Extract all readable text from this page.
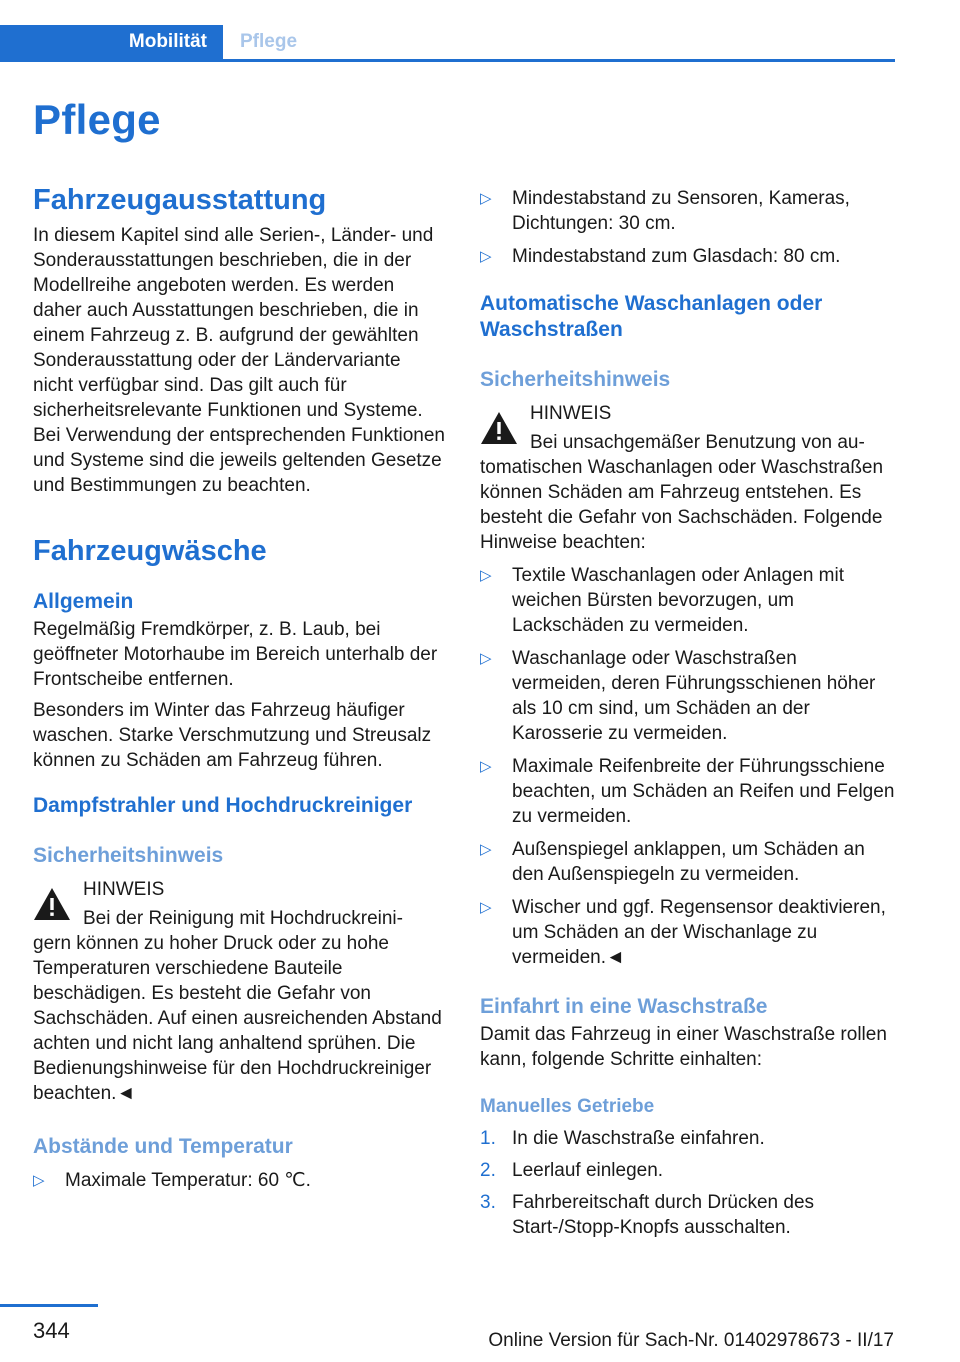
Mobilität	Pflege
Pflege
Fahrzeugausstattung

In diesem Kapitel sind alle Serien-, Länder- und Sonderausstattungen beschrieben, die in der Modellreihe angeboten werden. Es werden daher auch Ausstattungen beschrieben, die in einem Fahrzeug z. B. aufgrund der gewählten Sonderausstattung oder der Ländervariante nicht verfügbar sind. Das gilt auch für sicherheitsrelevante Funktionen und Systeme. Bei Verwendung der entsprechenden Funktionen und Systeme sind die jeweils geltenden Gesetze und Bestimmungen zu beachten.

Fahrzeugwäsche
Allgemein

Regelmäßig Fremdkörper, z. B. Laub, bei geöffneter Motorhaube im Bereich unterhalb der Frontscheibe entfernen.

Besonders im Winter das Fahrzeug häufiger waschen. Starke Verschmutzung und Streusalz können zu Schäden am Fahrzeug führen.

Dampfstrahler und Hochdruckreiniger
Sicherheitshinweis
HINWEIS
Bei der Reinigung mit Hochdruckreini-
gern können zu hoher Druck oder zu hohe Temperaturen verschiedene Bauteile beschädigen. Es besteht die Gefahr von Sachschäden. Auf einen ausreichenden Abstand achten und nicht lang anhaltend sprühen. Die Bedienungshinweise für den Hochdruckreiniger beachten.◄
Abstände und Temperatur
▷ Maximale Temperatur: 60 ℃.
▷ Mindestabstand zu Sensoren, Kameras, Dichtungen: 30 cm.
▷ Mindestabstand zum Glasdach: 80 cm.
Automatische Waschanlagen oder Waschstraßen
Sicherheitshinweis
HINWEIS
Bei unsachgemäßer Benutzung von au-
tomatischen Waschanlagen oder Waschstraßen können Schäden am Fahrzeug entstehen. Es besteht die Gefahr von Sachschäden. Folgende Hinweise beachten:
▷ Textile Waschanlagen oder Anlagen mit weichen Bürsten bevorzugen, um Lackschäden zu vermeiden.
▷ Waschanlage oder Waschstraßen vermeiden, deren Führungsschienen höher als 10 cm sind, um Schäden an der Karosserie zu vermeiden.
▷ Maximale Reifenbreite der Führungsschiene beachten, um Schäden an Reifen und Felgen zu vermeiden.
▷ Außenspiegel anklappen, um Schäden an den Außenspiegeln zu vermeiden.
▷ Wischer und ggf. Regensensor deaktivieren, um Schäden an der Wischanlage zu vermeiden.◄
Einfahrt in eine Waschstraße

Damit das Fahrzeug in einer Waschstraße rollen kann, folgende Schritte einhalten:

Manuelles Getriebe
1. In die Waschstraße einfahren.
2. Leerlauf einlegen.
3. Fahrbereitschaft durch Drücken des Start-/Stopp-Knopfs ausschalten.
344	Online Version für Sach-Nr. 01402978673 - II/17
